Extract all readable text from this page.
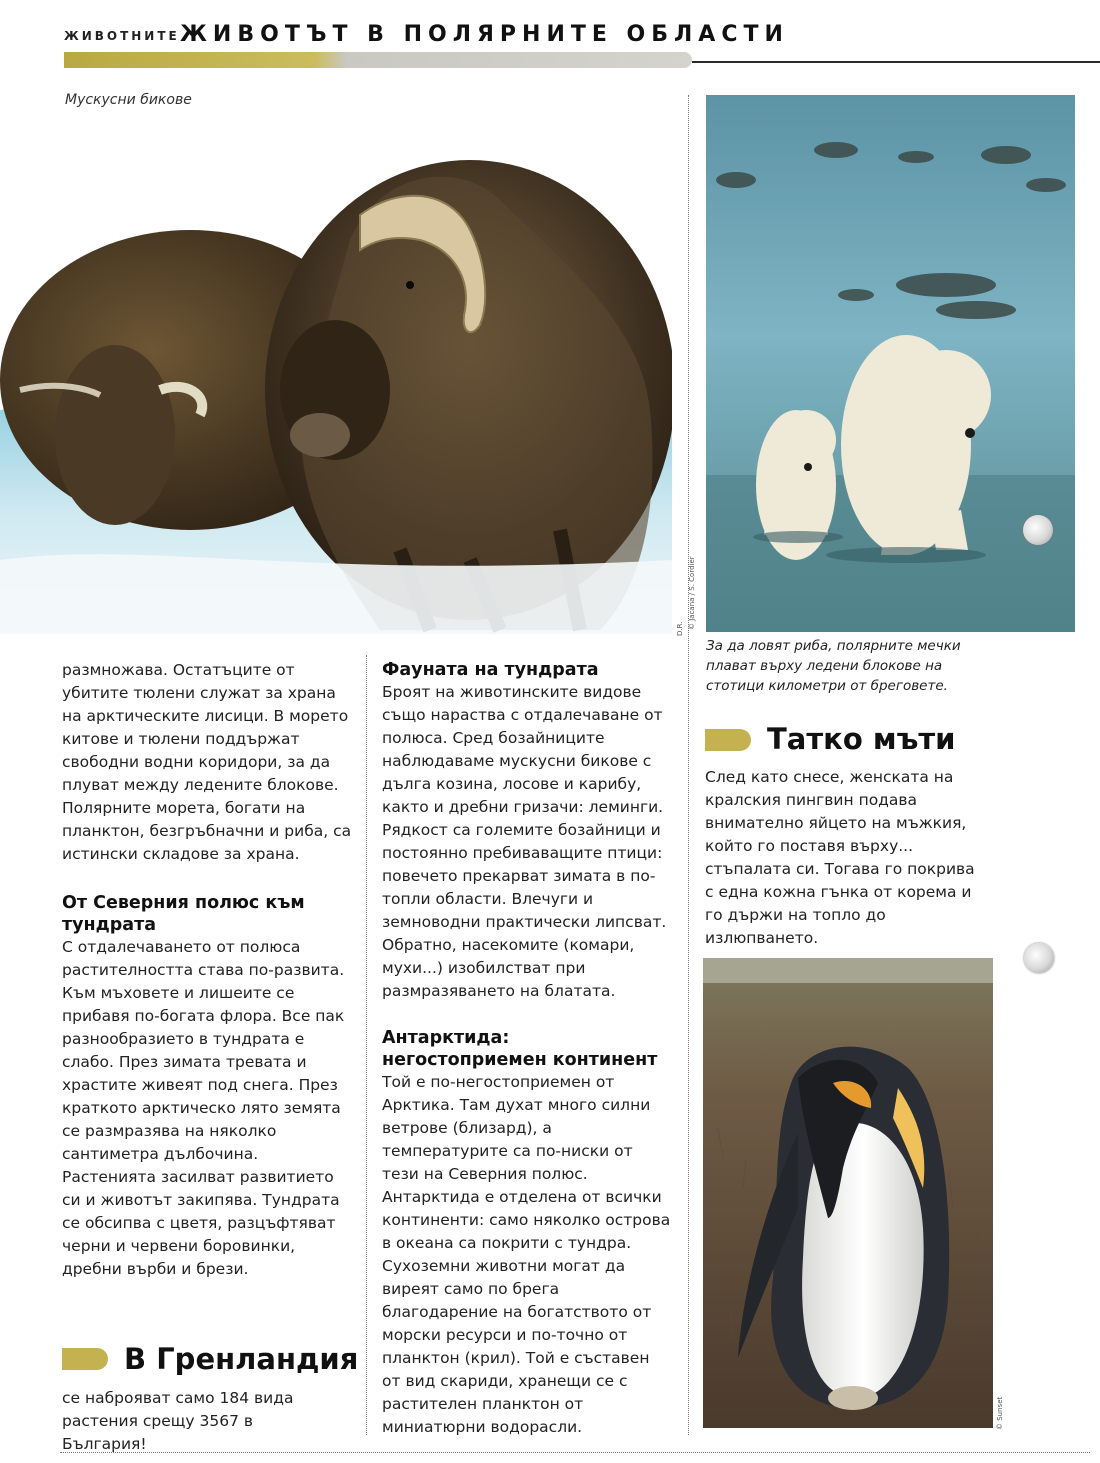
ЖИВОТНИТЕ ЖИВОТЪТ В ПОЛЯРНИТЕ ОБЛАСТИ
Мускусни бикове
D.R. © Jacana / S. Cordier
За да ловят риба, полярните мечки плават върху ледени блокове на стотици километри от бреговете.

размножава. Остатъците от убитите тюлени служат за храна на арктическите лисици. В морето китове и тюлени поддържат свободни водни коридори, за да плуват между ледените блокове. Полярните морета, богати на планктон, безгръбначни и риба, са истински складове за храна.

От Северния полюс към тундрата

С отдалечаването от полюса растителността става по-развита. Към мъховете и лишеите се прибавя по-богата флора. Все пак разнообразието в тундрата е слабо. През зимата тревата и храстите живеят под снега. През краткото арктическо лято земята се размразява на няколко сантиметра дълбочина. Растенията засилват развитието си и животът закипява. Тундрата се обсипва с цветя, разцъфтяват черни и червени боровинки, дребни върби и брези.

В Гренландия
се наброяват само 184 вида растения срещу 3567 в България!
Фауната на тундрата

Броят на животинските видове също нараства с отдалечаване от полюса. Сред бозайниците наблюдаваме мускусни бикове с дълга козина, лосове и карибу, както и дребни гризачи: леминги. Рядкост са големите бозайници и постоянно пребиваващите птици: повечето прекарват зимата в по-топли области. Влечуги и земноводни практически липсват. Обратно, насекомите (комари, мухи...) изобилстват при размразяването на блатата.

Антарктида: негостоприемен континент

Той е по-негостоприемен от Арктика. Там духат много силни ветрове (близард), а температурите са по-ниски от тези на Северния полюс. Антарктида е отделена от всички континенти: само няколко острова в океана са покрити с тундра. Сухоземни животни могат да виреят само по брега благодарение на богатството от морски ресурси и по-точно от планктон (крил). Той е съставен от вид скариди, хранещи се с растителен планктон от миниатюрни водорасли.

Татко мъти
След като снесе, женската на кралския пингвин подава внимателно яйцето на мъжкия, който го поставя върху... стъпалата си. Тогава го покрива с една кожна гънка от корема и го държи на топло до излюпването.
© Sunset
